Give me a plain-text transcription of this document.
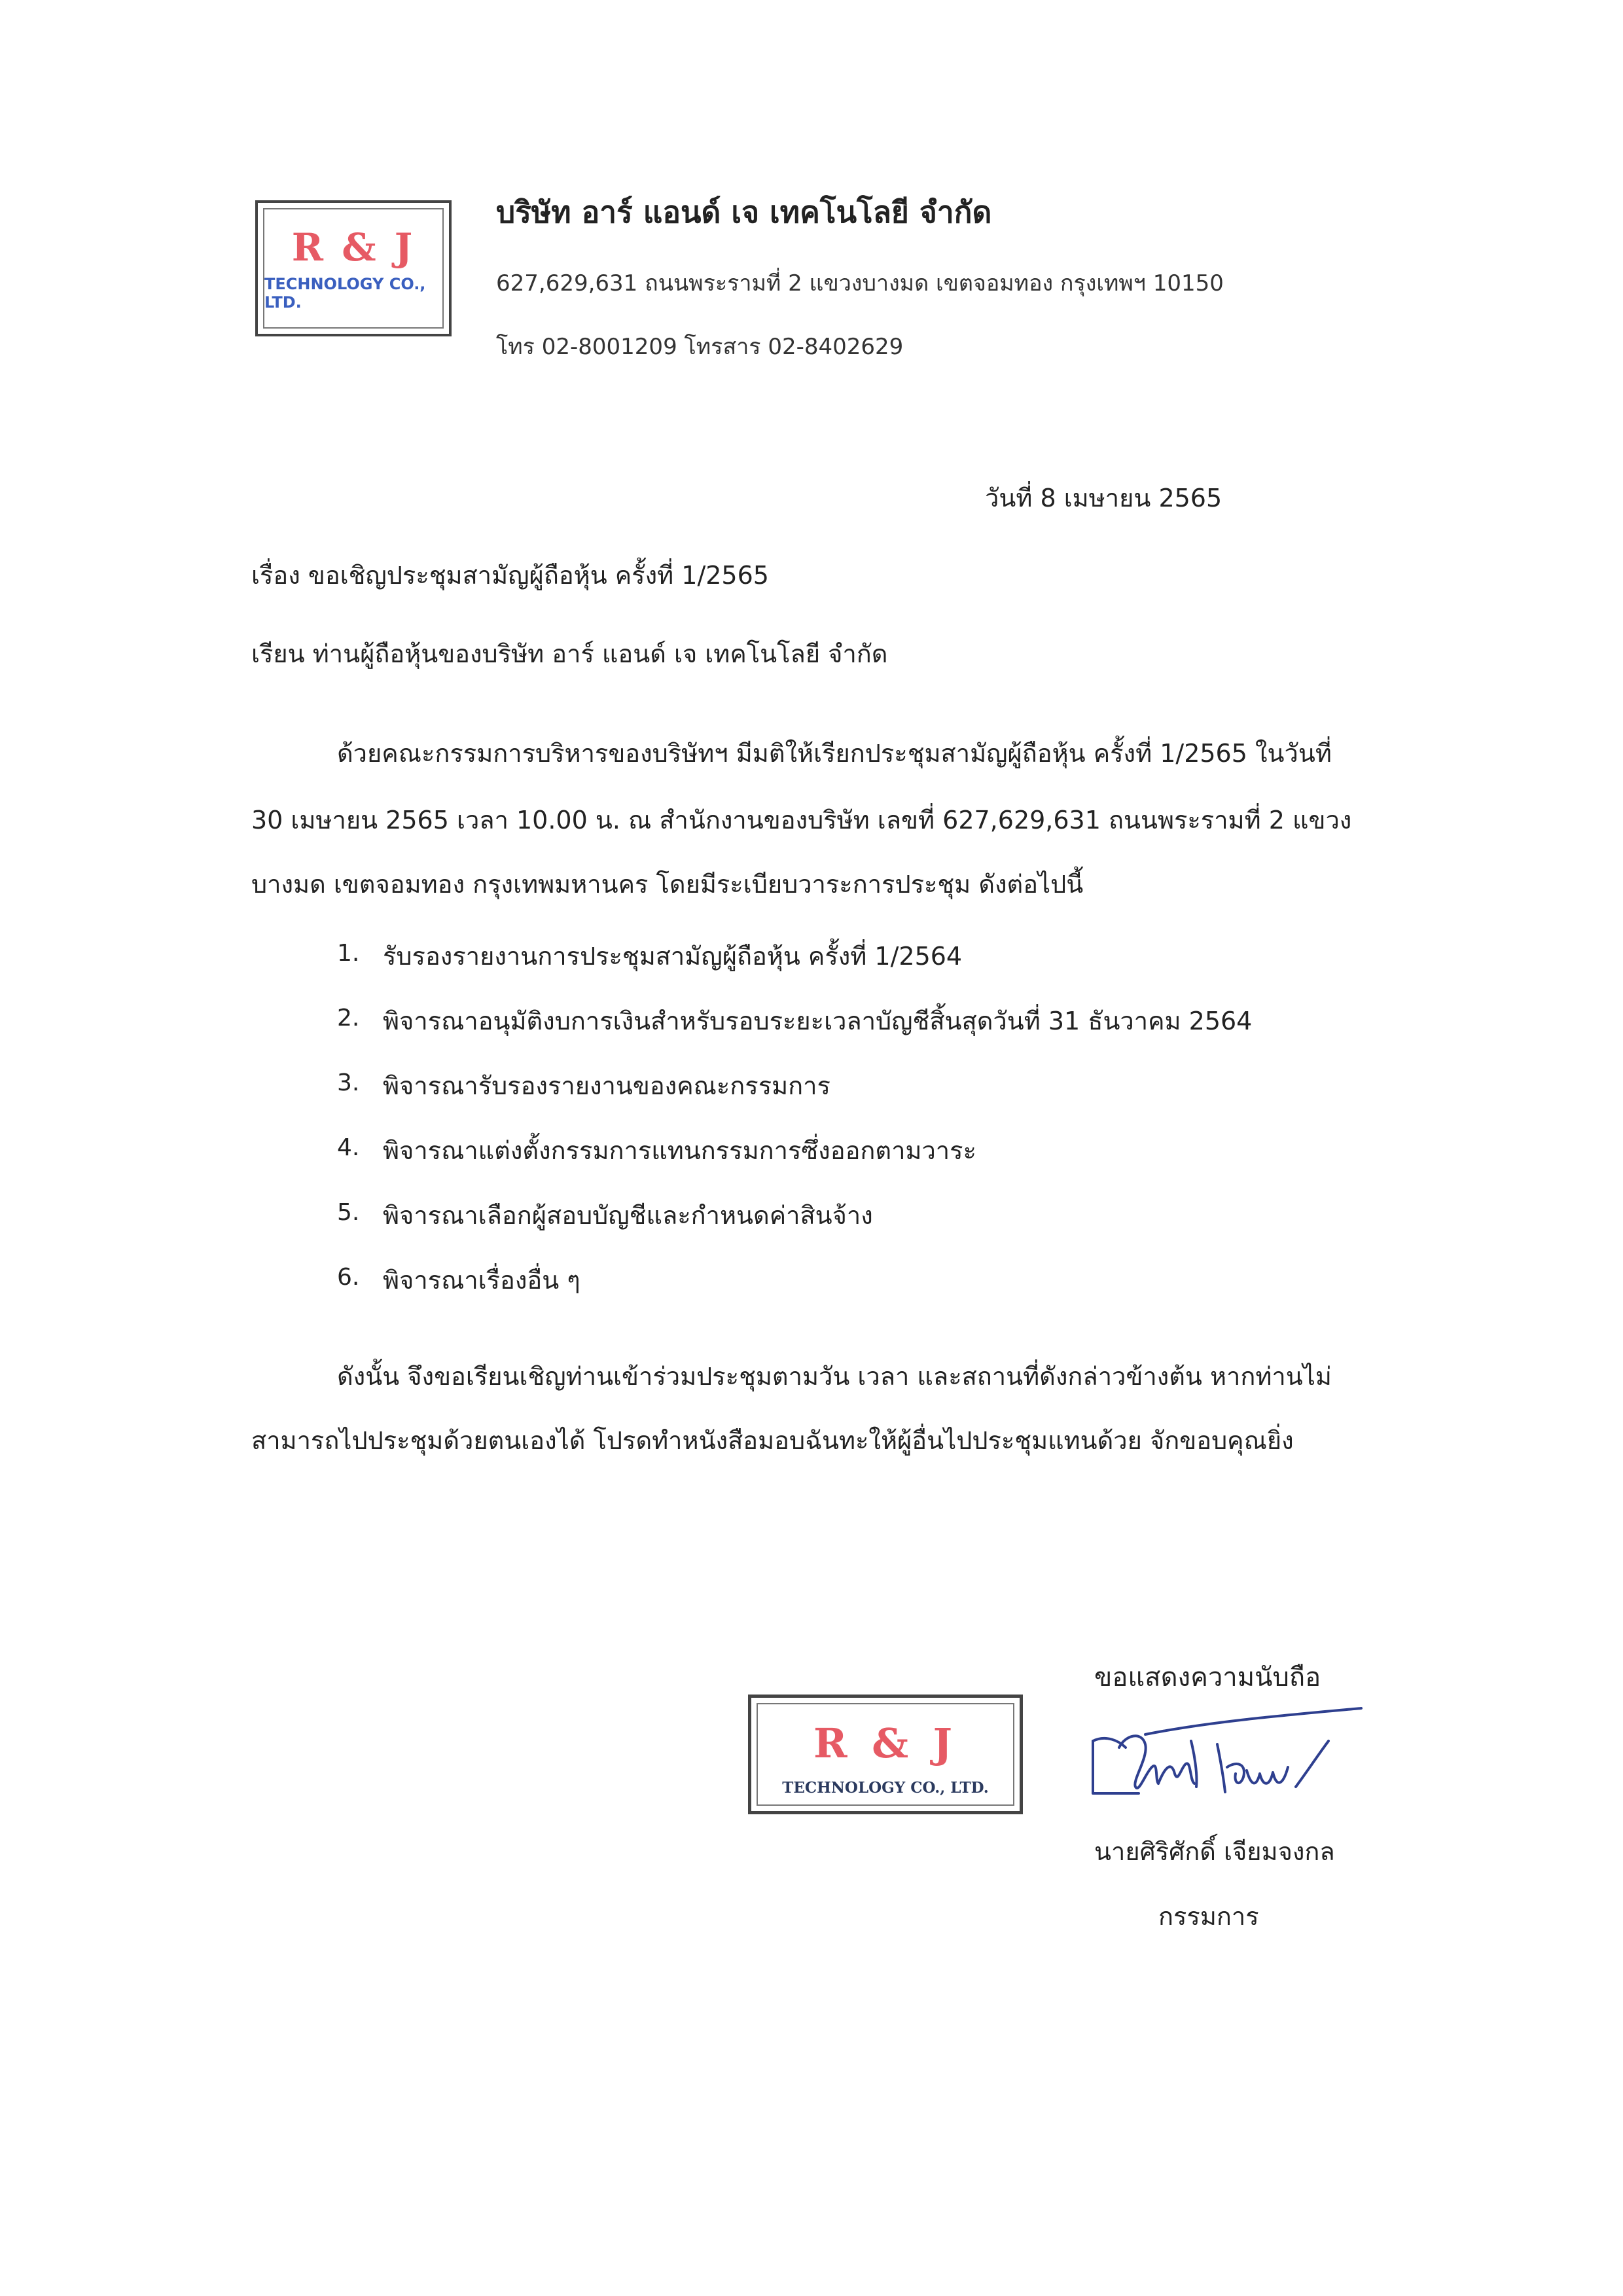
R & J
TECHNOLOGY CO., LTD.
บริษัท อาร์ แอนด์ เจ เทคโนโลยี จำกัด
627,629,631 ถนนพระรามที่ 2 แขวงบางมด เขตจอมทอง กรุงเทพฯ 10150
โทร 02-8001209 โทรสาร 02-8402629
วันที่ 8 เมษายน 2565
เรื่อง ขอเชิญประชุมสามัญผู้ถือหุ้น ครั้งที่ 1/2565
เรียน ท่านผู้ถือหุ้นของบริษัท อาร์ แอนด์ เจ เทคโนโลยี จำกัด
ด้วยคณะกรรมการบริหารของบริษัทฯ มีมติให้เรียกประชุมสามัญผู้ถือหุ้น ครั้งที่ 1/2565 ในวันที่
30 เมษายน 2565 เวลา 10.00 น. ณ สำนักงานของบริษัท เลขที่ 627,629,631 ถนนพระรามที่ 2 แขวง
บางมด เขตจอมทอง กรุงเทพมหานคร โดยมีระเบียบวาระการประชุม ดังต่อไปนี้
1. รับรองรายงานการประชุมสามัญผู้ถือหุ้น ครั้งที่ 1/2564
2. พิจารณาอนุมัติงบการเงินสำหรับรอบระยะเวลาบัญชีสิ้นสุดวันที่ 31 ธันวาคม 2564
3. พิจารณารับรองรายงานของคณะกรรมการ
4. พิจารณาแต่งตั้งกรรมการแทนกรรมการซึ่งออกตามวาระ
5. พิจารณาเลือกผู้สอบบัญชีและกำหนดค่าสินจ้าง
6. พิจารณาเรื่องอื่น ๆ
ดังนั้น จึงขอเรียนเชิญท่านเข้าร่วมประชุมตามวัน เวลา และสถานที่ดังกล่าวข้างต้น หากท่านไม่
สามารถไปประชุมด้วยตนเองได้ โปรดทำหนังสือมอบฉันทะให้ผู้อื่นไปประชุมแทนด้วย จักขอบคุณยิ่ง
ขอแสดงความนับถือ
R & J
TECHNOLOGY CO., LTD.
นายศิริศักดิ์ เจียมจงกล
กรรมการ
